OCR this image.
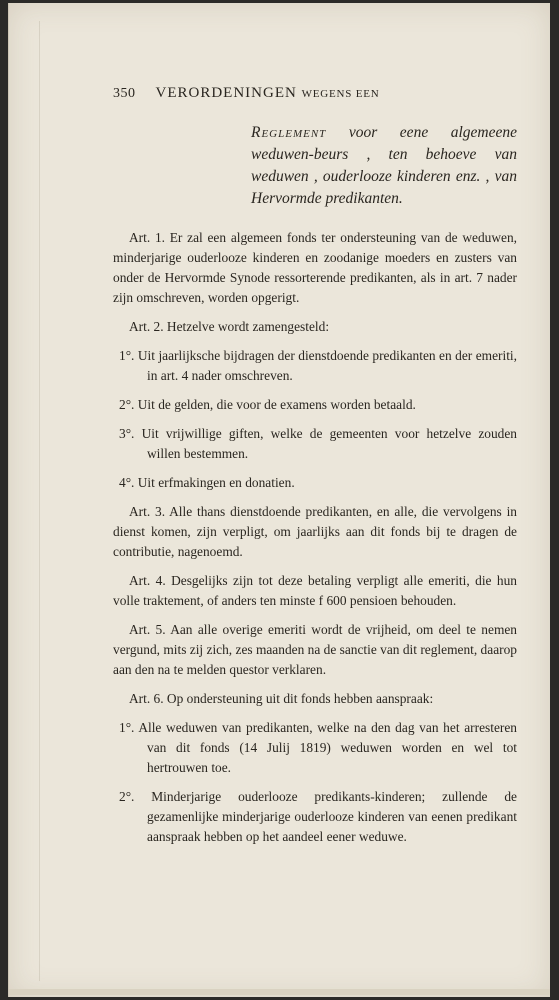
350 VERORDENINGEN WEGENS EEN
Reglement voor eene algemeene weduwen-beurs , ten behoeve van weduwen , ouderlooze kinderen enz. , van Hervormde predikanten.

Art. 1. Er zal een algemeen fonds ter ondersteuning van de weduwen, minderjarige ouderlooze kinderen en zoodanige moeders en zusters van onder de Hervormde Synode ressorterende predikanten, als in art. 7 nader zijn omschreven, worden opgerigt.

Art. 2. Hetzelve wordt zamengesteld:

1°. Uit jaarlijksche bijdragen der dienstdoende predikanten en der emeriti, in art. 4 nader omschreven.

2°. Uit de gelden, die voor de examens worden betaald.

3°. Uit vrijwillige giften, welke de gemeenten voor hetzelve zouden willen bestemmen.

4°. Uit erfmakingen en donatien.

Art. 3. Alle thans dienstdoende predikanten, en alle, die vervolgens in dienst komen, zijn verpligt, om jaarlijks aan dit fonds bij te dragen de contributie, nagenoemd.

Art. 4. Desgelijks zijn tot deze betaling verpligt alle emeriti, die hun volle traktement, of anders ten minste f 600 pensioen behouden.

Art. 5. Aan alle overige emeriti wordt de vrijheid, om deel te nemen vergund, mits zij zich, zes maanden na de sanctie van dit reglement, daarop aan den na te melden questor verklaren.

Art. 6. Op ondersteuning uit dit fonds hebben aanspraak:

1°. Alle weduwen van predikanten, welke na den dag van het arresteren van dit fonds (14 Julij 1819) weduwen worden en wel tot hertrouwen toe.

2°. Minderjarige ouderlooze predikants-kinderen; zullende de gezamenlijke minderjarige ouderlooze kinderen van eenen predikant aanspraak hebben op het aandeel eener weduwe.
